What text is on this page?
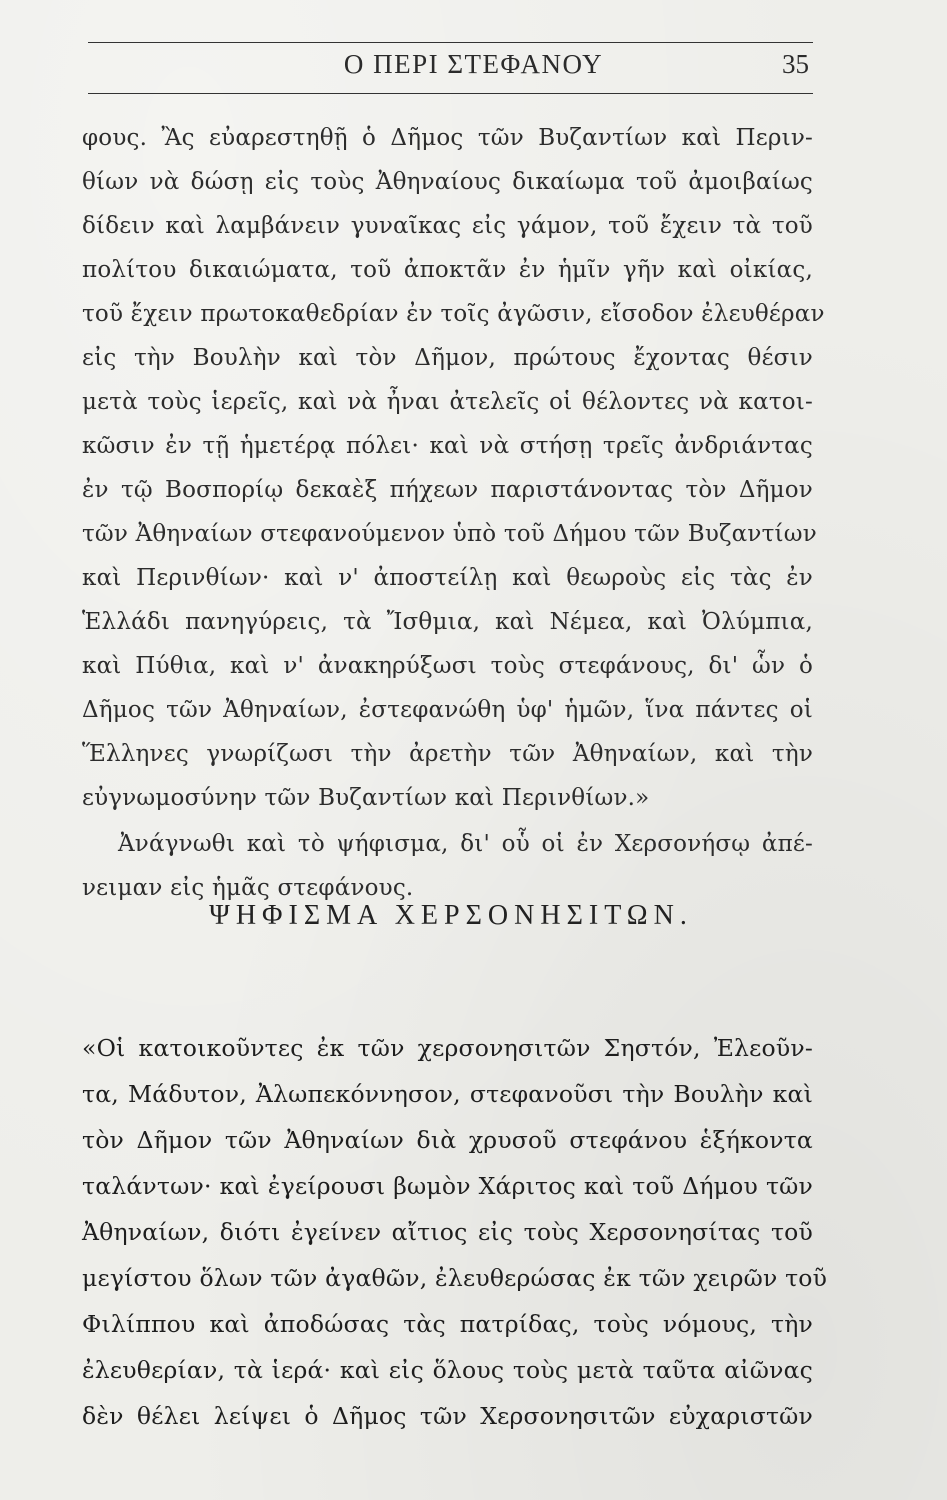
Ο ΠΕΡΙ ΣΤΕΦΑΝΟΥ	35
φους. Ἂς εὐαρεστηθῇ ὁ Δῆμος τῶν Βυζαντίων καὶ Περιν-
θίων νὰ δώσῃ εἰς τοὺς Ἀθηναίους δικαίωμα τοῦ ἀμοιβαίως
δίδειν καὶ λαμβάνειν γυναῖκας εἰς γάμον, τοῦ ἔχειν τὰ τοῦ
πολίτου δικαιώματα, τοῦ ἀποκτᾶν ἐν ἡμῖν γῆν καὶ οἰκίας,
τοῦ ἔχειν πρωτοκαθεδρίαν ἐν τοῖς ἀγῶσιν, εἴσοδον ἐλευθέραν
εἰς τὴν Βουλὴν καὶ τὸν Δῆμον, πρώτους ἔχοντας θέσιν
μετὰ τοὺς ἱερεῖς, καὶ νὰ ἦναι ἀτελεῖς οἱ θέλοντες νὰ κατοι-
κῶσιν ἐν τῇ ἡμετέρᾳ πόλει· καὶ νὰ στήσῃ τρεῖς ἀνδριάντας
ἐν τῷ Βοσπορίῳ δεκαὲξ πήχεων παριστάνοντας τὸν Δῆμον
τῶν Ἀθηναίων στεφανούμενον ὑπὸ τοῦ Δήμου τῶν Βυζαντίων
καὶ Περινθίων· καὶ ν' ἀποστείλῃ καὶ θεωροὺς εἰς τὰς ἐν
Ἑλλάδι πανηγύρεις, τὰ Ἴσθμια, καὶ Νέμεα, καὶ Ὀλύμπια,
καὶ Πύθια, καὶ ν' ἀνακηρύξωσι τοὺς στεφάνους, δι' ὧν ὁ
Δῆμος τῶν Ἀθηναίων, ἐστεφανώθη ὑφ' ἡμῶν, ἵνα πάντες οἱ
Ἕλληνες γνωρίζωσι τὴν ἀρετὴν τῶν Ἀθηναίων, καὶ τὴν
εὐγνωμοσύνην τῶν Βυζαντίων καὶ Περινθίων.»
Ἀνάγνωθι καὶ τὸ ψήφισμα, δι' οὗ οἱ ἐν Χερσονήσῳ ἀπέ-
νειμαν εἰς ἡμᾶς στεφάνους.
ΨΗΦΙΣΜΑ ΧΕΡΣΟΝΗΣΙΤΩΝ.
«Οἱ κατοικοῦντες ἐκ τῶν χερσονησιτῶν Σηστόν, Ἐλεοῦν-
τα, Μάδυτον, Ἀλωπεκόννησον, στεφανοῦσι τὴν Βουλὴν καὶ
τὸν Δῆμον τῶν Ἀθηναίων διὰ χρυσοῦ στεφάνου ἑξήκοντα
ταλάντων· καὶ ἐγείρουσι βωμὸν Χάριτος καὶ τοῦ Δήμου τῶν
Ἀθηναίων, διότι ἐγείνεν αἴτιος εἰς τοὺς Χερσονησίτας τοῦ
μεγίστου ὅλων τῶν ἀγαθῶν, ἐλευθερώσας ἐκ τῶν χειρῶν τοῦ
Φιλίππου καὶ ἀποδώσας τὰς πατρίδας, τοὺς νόμους, τὴν
ἐλευθερίαν, τὰ ἱερά· καὶ εἰς ὅλους τοὺς μετὰ ταῦτα αἰῶνας
δὲν θέλει λείψει ὁ Δῆμος τῶν Χερσονησιτῶν εὐχαριστῶν
